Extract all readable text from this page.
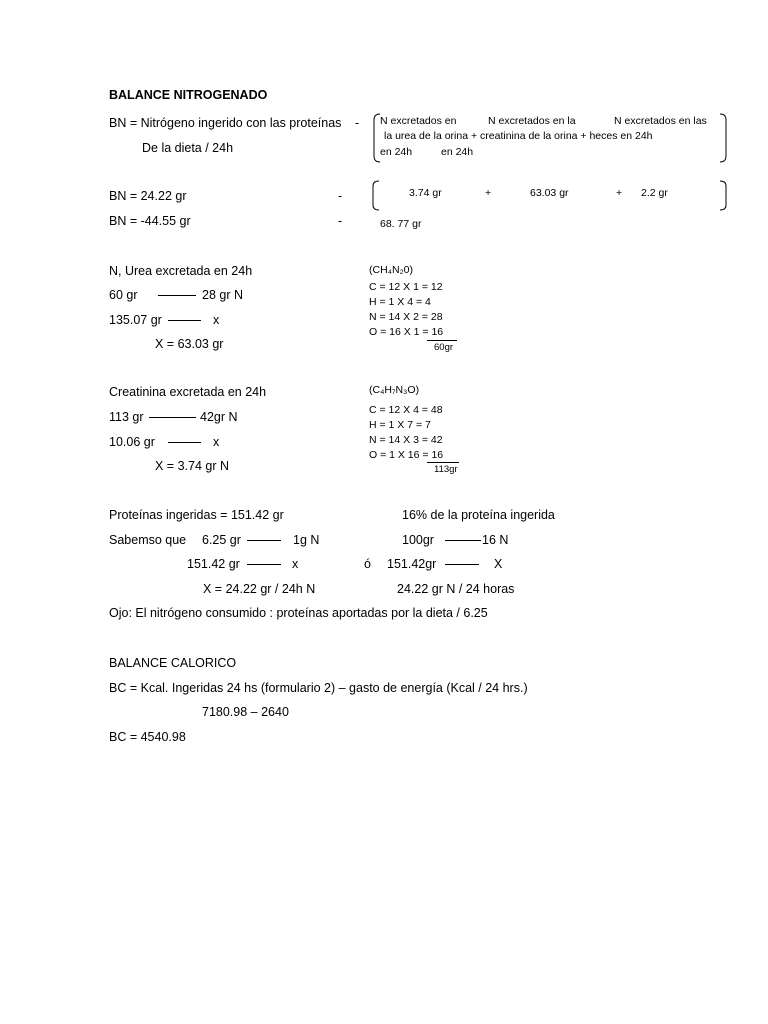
BALANCE NITROGENADO
BN = Nitrógeno ingerido con las proteínas -
De la dieta / 24h
N excretados en	N excretados en la	N excretados en las
la urea de la orina + creatinina de la orina + heces en 24h
en 24h	en 24h
BN = 24.22 gr	-
BN = -44.55 gr	-
3.74 gr	+	63.03 gr	+ 2.2 gr
68. 77 gr
N, Urea excretada en 24h
60 gr	28 gr N
135.07 gr	x
X = 63.03 gr
(CH₄N₂0)
C = 12 X 1 = 12
H = 1 X 4 = 4
N = 14 X 2 = 28
O = 16 X 1 = 16
60gr
Creatinina excretada en 24h
113 gr	42gr N
10.06 gr	x
X = 3.74 gr N
(C₄H₇N₃O)
C = 12 X 4 = 48
H = 1 X 7 = 7
N = 14 X 3 = 42
O = 1 X 16 = 16
113gr
Proteínas ingeridas = 151.42 gr	16% de la proteína ingerida
Sabemso que 6.25 gr	1g N	100gr	16 N
151.42 gr	x	ó 151.42gr	X
X = 24.22 gr / 24h N	24.22 gr N / 24 horas
Ojo: El nitrógeno consumido : proteínas aportadas por la dieta / 6.25
BALANCE CALORICO
BC = Kcal. Ingeridas 24 hs (formulario 2) – gasto de energía (Kcal / 24 hrs.)
7180.98 – 2640
BC = 4540.98
